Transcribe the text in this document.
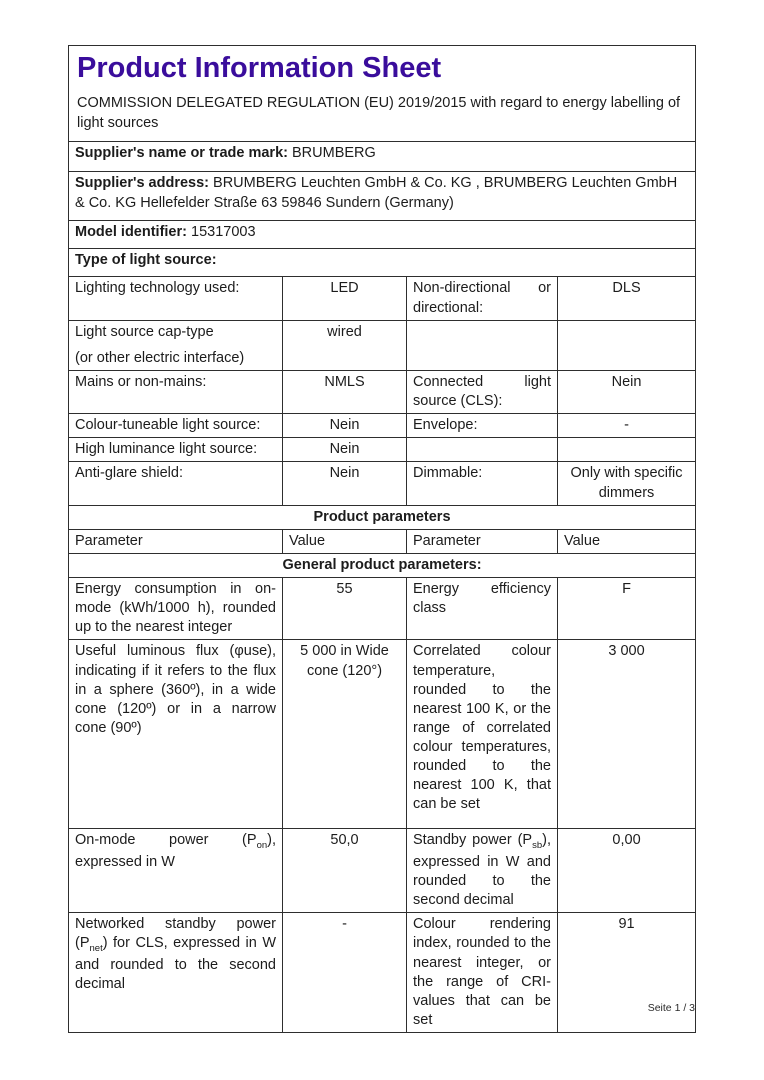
Product Information Sheet
COMMISSION DELEGATED REGULATION (EU) 2019/2015 with regard to energy labelling of light sources			

Supplier's name or trade mark: BRUMBERG			
Supplier's address: BRUMBERG Leuchten GmbH & Co. KG , BRUMBERG Leuchten GmbH & Co. KG Hellefelder Straße 63 59846 Sundern (Germany)			
Model identifier: 15317003			
Type of light source:			
Lighting technology used:	LED	Non-directional or directional:	DLS

Light source cap-type
(or other electric interface)	wired		
Mains or non-mains:	NMLS	Connected light source (CLS):	Nein
Colour-tuneable light source:	Nein	Envelope:	-
High luminance light source:	Nein		
Anti-glare shield:	Nein	Dimmable:	Only with specific dimmers
Product parameters			
Parameter	Value	Parameter	Value
General product parameters:			
Energy consumption in on-mode (kWh/1000 h), rounded up to the nearest integer	55	Energy efficiency class	F
Useful luminous flux (φuse), indicating if it refers to the flux in a sphere (360º), in a wide cone (120º) or in a narrow cone (90º)	5 000 in Wide cone (120°)	Correlated colour temperature, rounded to the nearest 100 K, or the range of correlated colour temperatures, rounded to the nearest 100 K, that can be set	3 000
On-mode power $(P_{on})$, expressed in W	50,0	Standby power $(P_{sb})$, expressed in W and rounded to the second decimal	0,00
Networked standby power $(P_{net})$ for CLS, expressed in W and rounded to the second decimal	-	Colour rendering index, rounded to the nearest integer, or the range of CRI-values that can be set	91
Seite 1 / 3
